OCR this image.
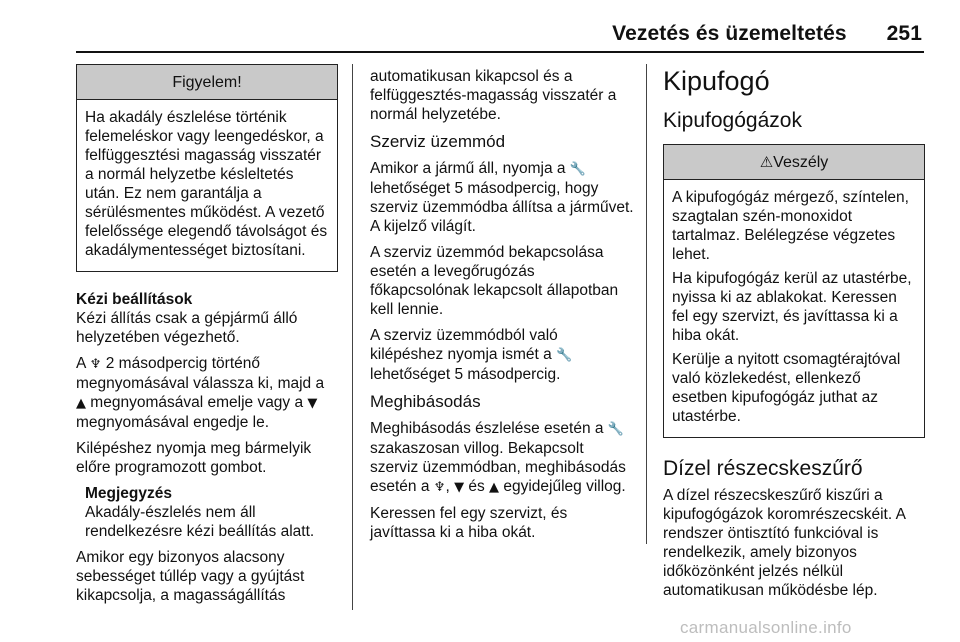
Vezetés és üzemeltetés 251
Figyelem!

Ha akadály észlelése történik felemeléskor vagy leengedéskor, a felfüggesztési magasság visszatér a normál helyzetbe késleltetés után. Ez nem garantálja a sérülésmentes működést. A vezető felelőssége elegendő távolságot és akadálymentességet biztosítani.

Kézi beállítások

Kézi állítás csak a gépjármű álló helyzetében végezhető.

A ♆ 2 másodpercig történő megnyomásával válassza ki, majd a ▲ megnyomásával emelje vagy a ▼ megnyomásával engedje le.

Kilépéshez nyomja meg bármelyik előre programozott gombot.

Megjegyzés
Akadály-észlelés nem áll rendelkezésre kézi beállítás alatt.

Amikor egy bizonyos alacsony sebességet túllép vagy a gyújtást kikapcsolja, a magasságállítás

automatikusan kikapcsol és a felfüggesztés-magasság visszatér a normál helyzetébe.

Szerviz üzemmód

Amikor a jármű áll, nyomja a 🔧 lehetőséget 5 másodpercig, hogy szerviz üzemmódba állítsa a járművet. A kijelző világít.

A szerviz üzemmód bekapcsolása esetén a levegőrugózás főkapcsolónak lekapcsolt állapotban kell lennie.

A szerviz üzemmódból való kilépéshez nyomja ismét a 🔧 lehetőséget 5 másodpercig.

Meghibásodás

Meghibásodás észlelése esetén a 🔧 szakaszosan villog. Bekapcsolt szerviz üzemmódban, meghibásodás esetén a ♆, ▼ és ▲ egyidejűleg villog.

Keressen fel egy szervizt, és javíttassa ki a hiba okát.

Kipufogó
Kipufogógázok
⚠Veszély

A kipufogógáz mérgező, színtelen, szagtalan szén-monoxidot tartalmaz. Belélegzése végzetes lehet.

Ha kipufogógáz kerül az utastérbe, nyissa ki az ablakokat. Keressen fel egy szervizt, és javíttassa ki a hiba okát.

Kerülje a nyitott csomagtérajtóval való közlekedést, ellenkező esetben kipufogógáz juthat az utastérbe.

Dízel részecskeszűrő

A dízel részecskeszűrő kiszűri a kipufogógázok koromrészecskéit. A rendszer öntisztító funkcióval is rendelkezik, amely bizonyos időközönként jelzés nélkül automatikusan működésbe lép.

carmanualsonline.info
